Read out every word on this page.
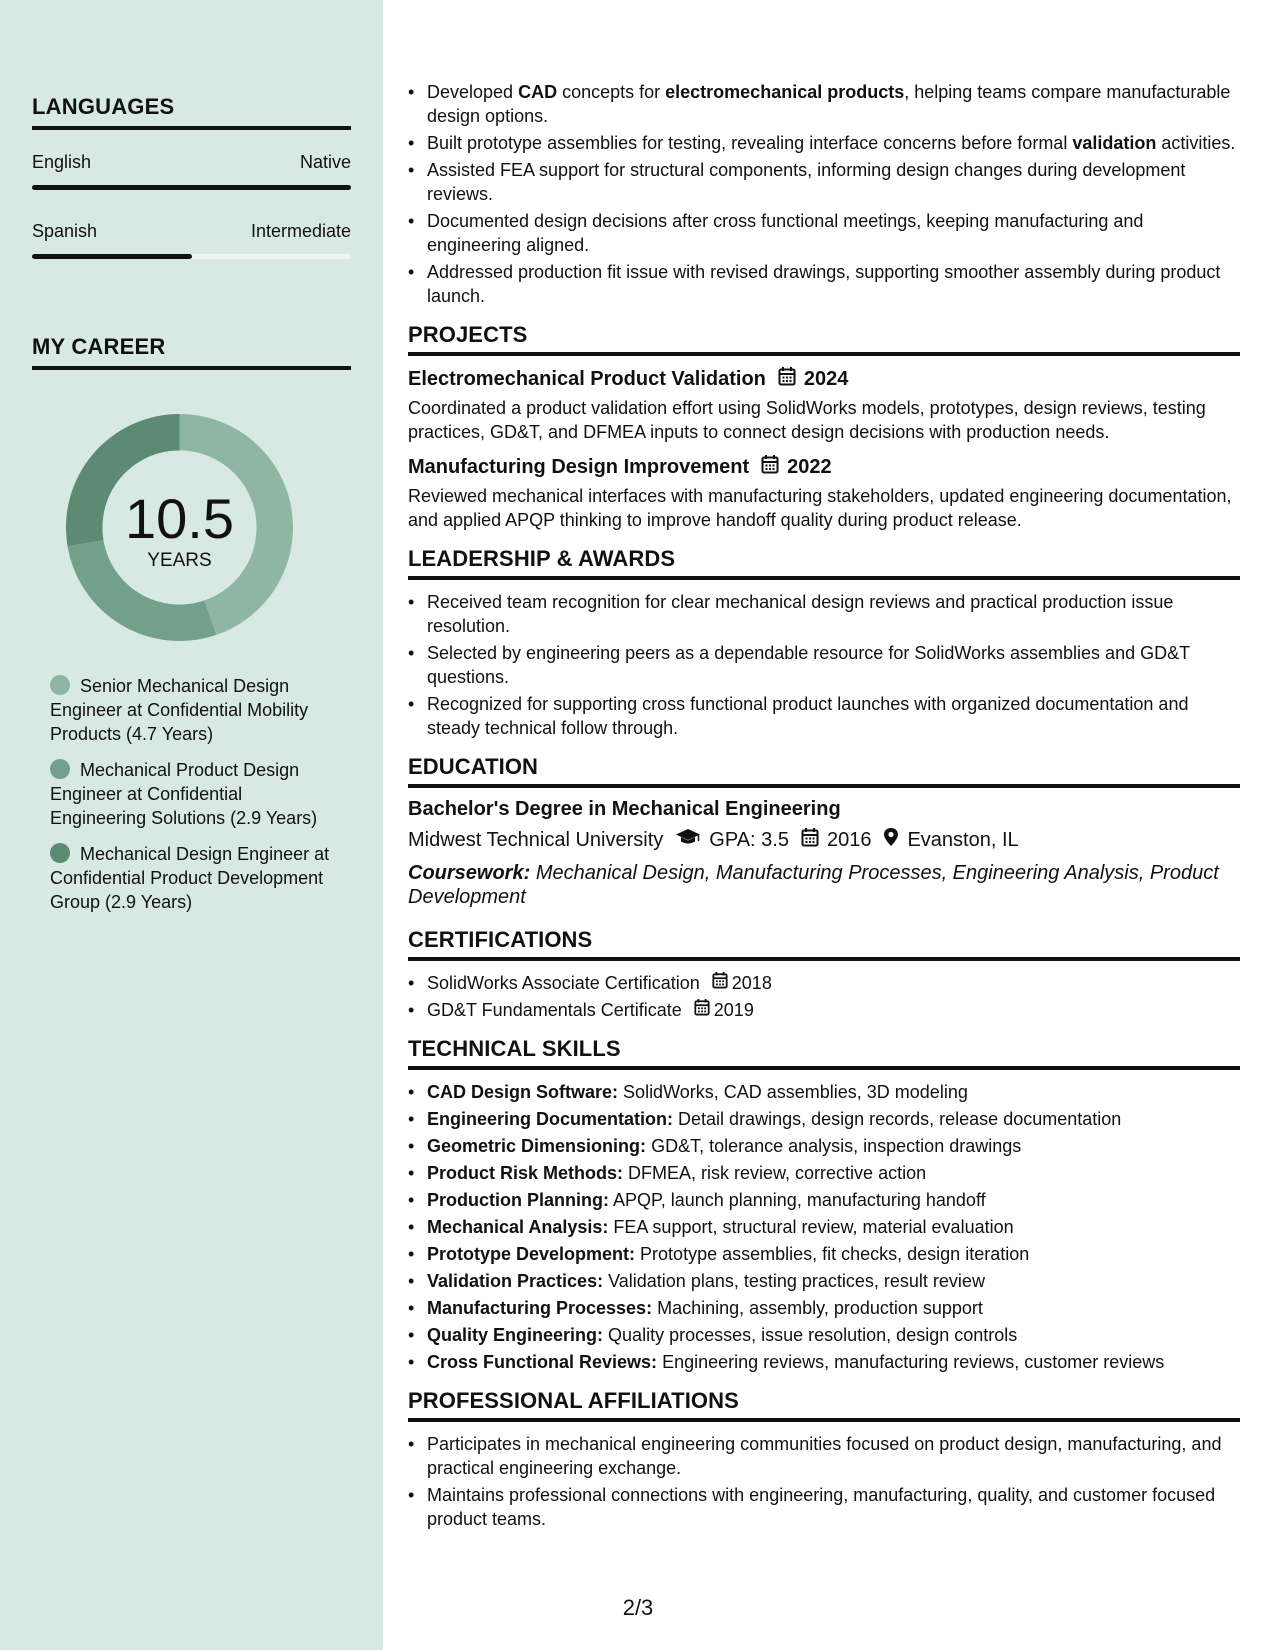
LANGUAGES
English	Native
Spanish	Intermediate
MY CAREER
10.5
YEARS
Senior Mechanical Design Engineer at Confidential Mobility Products (4.7 Years)
Mechanical Product Design Engineer at Confidential Engineering Solutions (2.9 Years)
Mechanical Design Engineer at Confidential Product Development Group (2.9 Years)
• Developed CAD concepts for electromechanical products, helping teams compare manufacturable design options.
• Built prototype assemblies for testing, revealing interface concerns before formal validation activities.
• Assisted FEA support for structural components, informing design changes during development reviews.
• Documented design decisions after cross functional meetings, keeping manufacturing and engineering aligned.
• Addressed production fit issue with revised drawings, supporting smoother assembly during product launch.
PROJECTS
Electromechanical Product Validation 2024
Coordinated a product validation effort using SolidWorks models, prototypes, design reviews, testing practices, GD&T, and DFMEA inputs to connect design decisions with production needs.
Manufacturing Design Improvement 2022
Reviewed mechanical interfaces with manufacturing stakeholders, updated engineering documentation, and applied APQP thinking to improve handoff quality during product release.
LEADERSHIP & AWARDS
• Received team recognition for clear mechanical design reviews and practical production issue resolution.
• Selected by engineering peers as a dependable resource for SolidWorks assemblies and GD&T questions.
• Recognized for supporting cross functional product launches with organized documentation and steady technical follow through.
EDUCATION
Bachelor's Degree in Mechanical Engineering
Midwest Technical University GPA: 3.5 2016 Evanston, IL
Coursework: Mechanical Design, Manufacturing Processes, Engineering Analysis, Product Development
CERTIFICATIONS
• SolidWorks Associate Certification 2018
• GD&T Fundamentals Certificate 2019
TECHNICAL SKILLS
• CAD Design Software: SolidWorks, CAD assemblies, 3D modeling
• Engineering Documentation: Detail drawings, design records, release documentation
• Geometric Dimensioning: GD&T, tolerance analysis, inspection drawings
• Product Risk Methods: DFMEA, risk review, corrective action
• Production Planning: APQP, launch planning, manufacturing handoff
• Mechanical Analysis: FEA support, structural review, material evaluation
• Prototype Development: Prototype assemblies, fit checks, design iteration
• Validation Practices: Validation plans, testing practices, result review
• Manufacturing Processes: Machining, assembly, production support
• Quality Engineering: Quality processes, issue resolution, design controls
• Cross Functional Reviews: Engineering reviews, manufacturing reviews, customer reviews
PROFESSIONAL AFFILIATIONS
• Participates in mechanical engineering communities focused on product design, manufacturing, and practical engineering exchange.
• Maintains professional connections with engineering, manufacturing, quality, and customer focused product teams.
2/3
